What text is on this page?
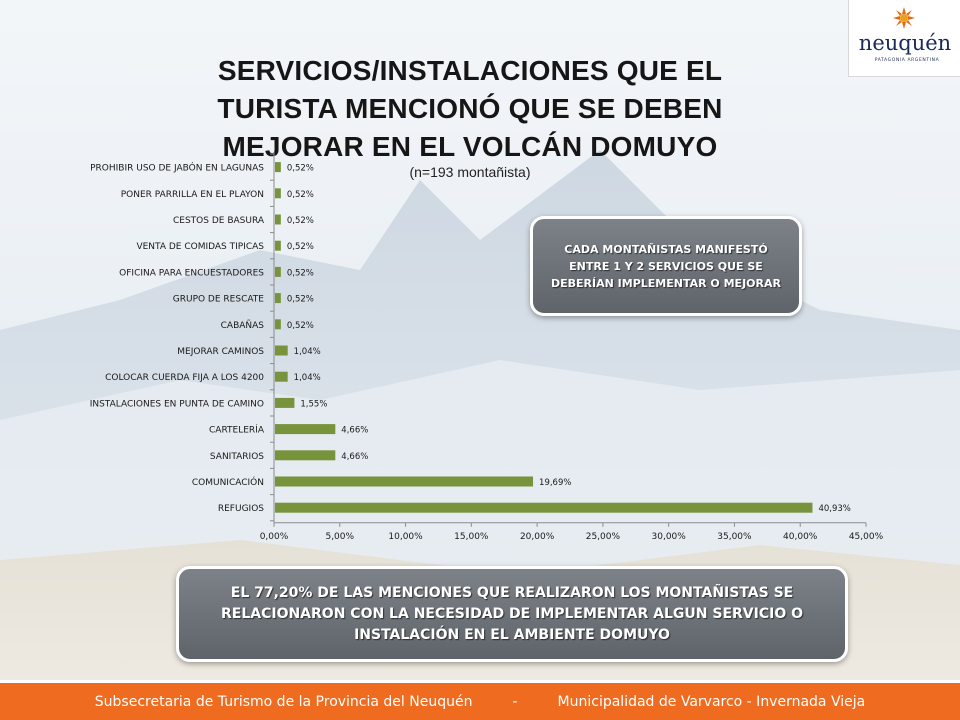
neuquén
PATAGONIA ARGENTINA
SERVICIOS/INSTALACIONES QUE EL TURISTA MENCIONÓ QUE SE DEBEN MEJORAR EN EL VOLCÁN DOMUYO
(n=193 montañista)
PROHIBIR USO DE JABÓN EN LAGUNAS	0,52%
PONER PARRILLA EN EL PLAYON	0,52%
CESTOS DE BASURA	0,52%
VENTA DE COMIDAS TIPICAS	0,52%
OFICINA PARA ENCUESTADORES	0,52%
GRUPO DE RESCATE	0,52%
CABAÑAS	0,52%
MEJORAR CAMINOS	1,04%
COLOCAR CUERDA FIJA A LOS 4200	1,04%
INSTALACIONES EN PUNTA DE CAMINO	1,55%
CARTELERÍA	4,66%
SANITARIOS	4,66%
COMUNICACIÓN	19,69%
REFUGIOS	40,93%
0,00%	5,00%	10,00%	15,00%	20,00%	25,00%	30,00%	35,00%	40,00%	45,00%
CADA MONTAÑISTAS MANIFESTÓ ENTRE 1 Y 2 SERVICIOS QUE SE DEBERÍAN IMPLEMENTAR O MEJORAR
EL 77,20% DE LAS MENCIONES QUE REALIZARON LOS MONTAÑISTAS SE RELACIONARON CON LA NECESIDAD DE IMPLEMENTAR ALGUN SERVICIO O INSTALACIÓN EN EL AMBIENTE DOMUYO
Subsecretaria de Turismo de la Provincia del Neuquén	-	Municipalidad de Varvarco - Invernada Vieja
